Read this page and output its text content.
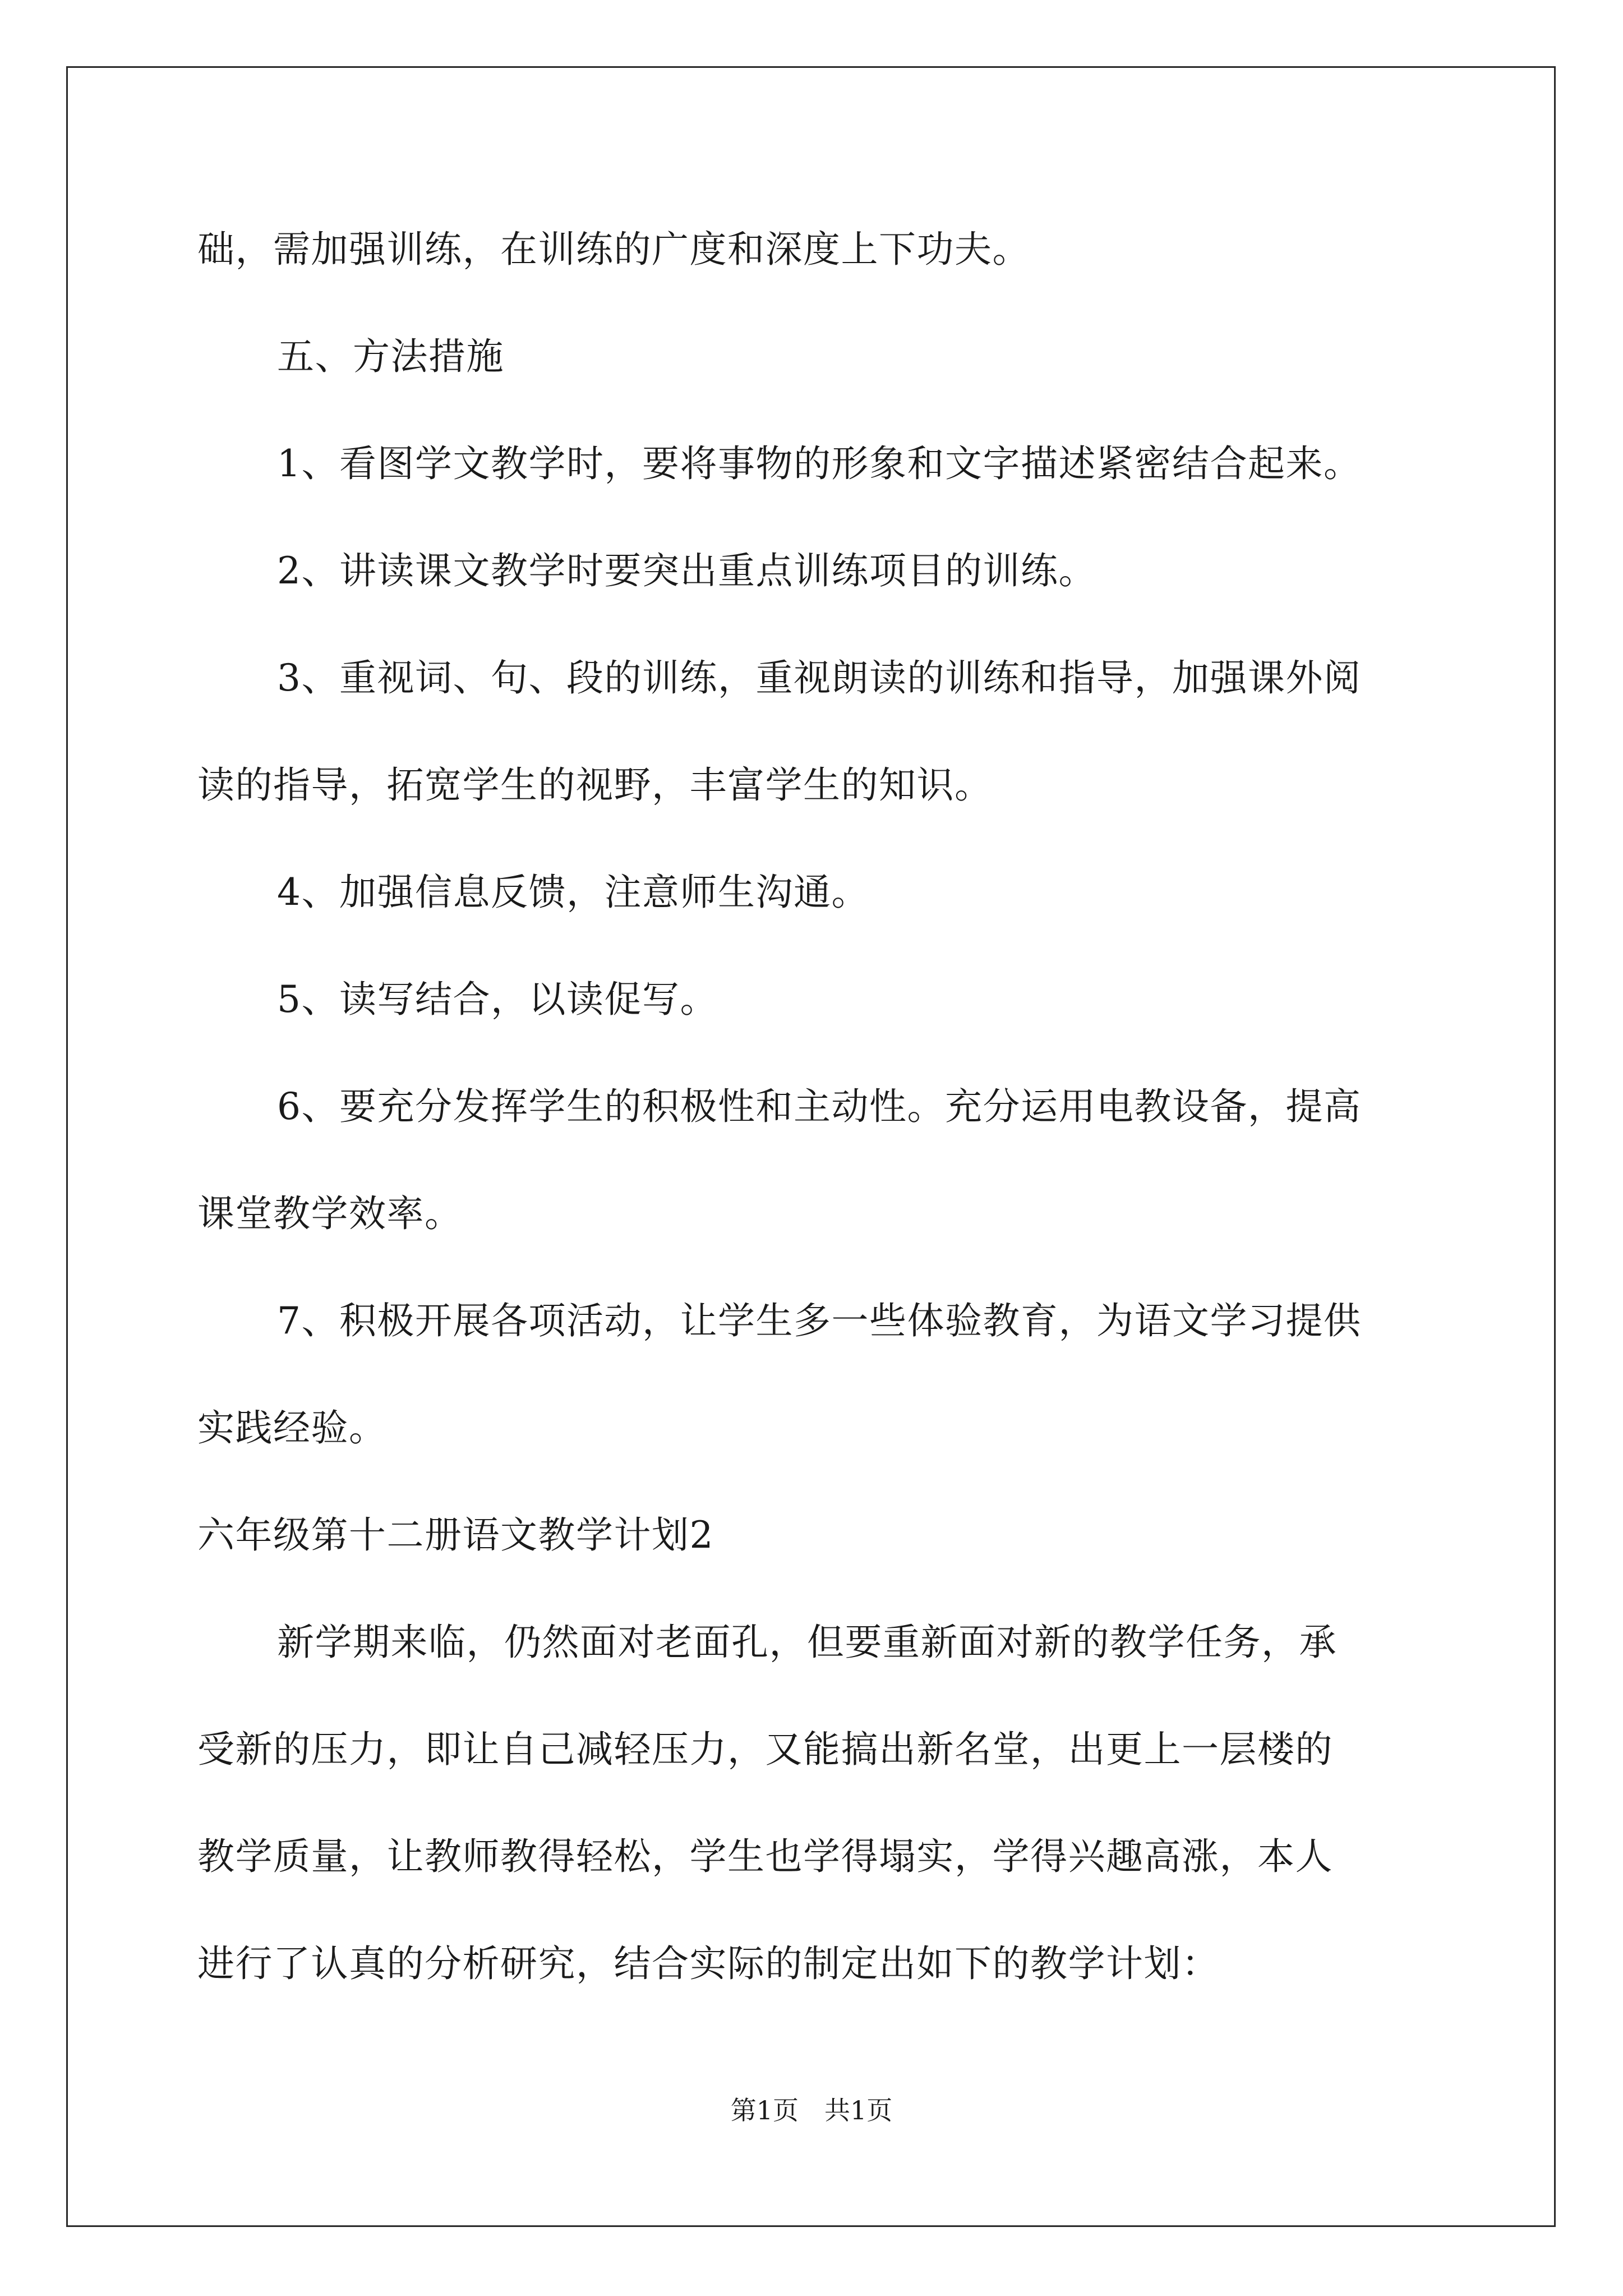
础，需加强训练，在训练的广度和深度上下功夫。
五、方法措施
1、看图学文教学时，要将事物的形象和文字描述紧密结合起来。
2、讲读课文教学时要突出重点训练项目的训练。
3、重视词、句、段的训练，重视朗读的训练和指导，加强课外阅
读的指导，拓宽学生的视野，丰富学生的知识。
4、加强信息反馈，注意师生沟通。
5、读写结合，以读促写。
6、要充分发挥学生的积极性和主动性。充分运用电教设备，提高
课堂教学效率。
7、积极开展各项活动，让学生多一些体验教育，为语文学习提供
实践经验。
六年级第十二册语文教学计划2
新学期来临，仍然面对老面孔，但要重新面对新的教学任务，承
受新的压力，即让自己减轻压力，又能搞出新名堂，出更上一层楼的
教学质量，让教师教得轻松，学生也学得塌实，学得兴趣高涨，本人
进行了认真的分析研究，结合实际的制定出如下的教学计划：
第1页　共1页
